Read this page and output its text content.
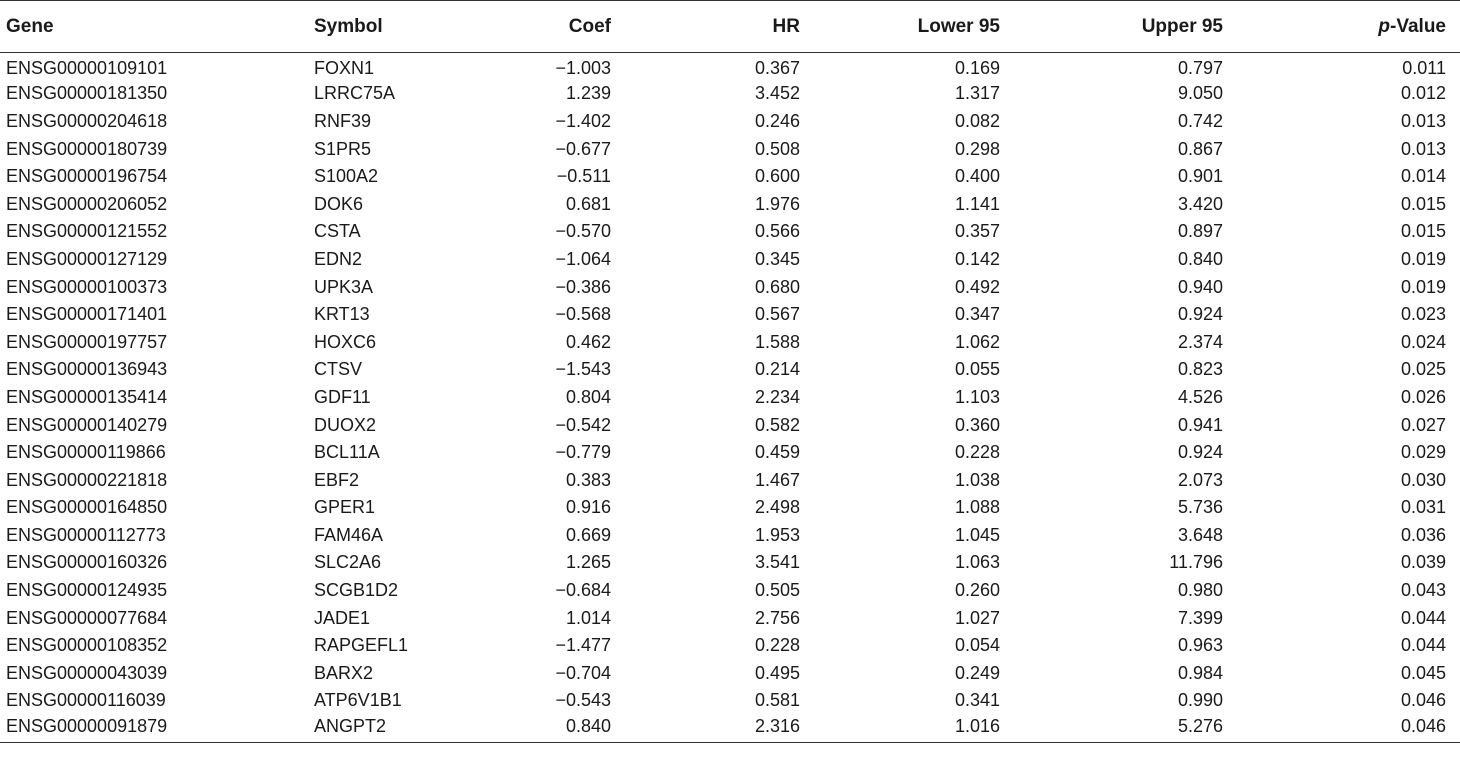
Gene	Symbol	Coef	HR	Lower 95	Upper 95	p-Value
ENSG00000109101	FOXN1	−1.003	0.367	0.169	0.797	0.011
ENSG00000181350	LRRC75A	1.239	3.452	1.317	9.050	0.012
ENSG00000204618	RNF39	−1.402	0.246	0.082	0.742	0.013
ENSG00000180739	S1PR5	−0.677	0.508	0.298	0.867	0.013
ENSG00000196754	S100A2	−0.511	0.600	0.400	0.901	0.014
ENSG00000206052	DOK6	0.681	1.976	1.141	3.420	0.015
ENSG00000121552	CSTA	−0.570	0.566	0.357	0.897	0.015
ENSG00000127129	EDN2	−1.064	0.345	0.142	0.840	0.019
ENSG00000100373	UPK3A	−0.386	0.680	0.492	0.940	0.019
ENSG00000171401	KRT13	−0.568	0.567	0.347	0.924	0.023
ENSG00000197757	HOXC6	0.462	1.588	1.062	2.374	0.024
ENSG00000136943	CTSV	−1.543	0.214	0.055	0.823	0.025
ENSG00000135414	GDF11	0.804	2.234	1.103	4.526	0.026
ENSG00000140279	DUOX2	−0.542	0.582	0.360	0.941	0.027
ENSG00000119866	BCL11A	−0.779	0.459	0.228	0.924	0.029
ENSG00000221818	EBF2	0.383	1.467	1.038	2.073	0.030
ENSG00000164850	GPER1	0.916	2.498	1.088	5.736	0.031
ENSG00000112773	FAM46A	0.669	1.953	1.045	3.648	0.036
ENSG00000160326	SLC2A6	1.265	3.541	1.063	11.796	0.039
ENSG00000124935	SCGB1D2	−0.684	0.505	0.260	0.980	0.043
ENSG00000077684	JADE1	1.014	2.756	1.027	7.399	0.044
ENSG00000108352	RAPGEFL1	−1.477	0.228	0.054	0.963	0.044
ENSG00000043039	BARX2	−0.704	0.495	0.249	0.984	0.045
ENSG00000116039	ATP6V1B1	−0.543	0.581	0.341	0.990	0.046
ENSG00000091879	ANGPT2	0.840	2.316	1.016	5.276	0.046
